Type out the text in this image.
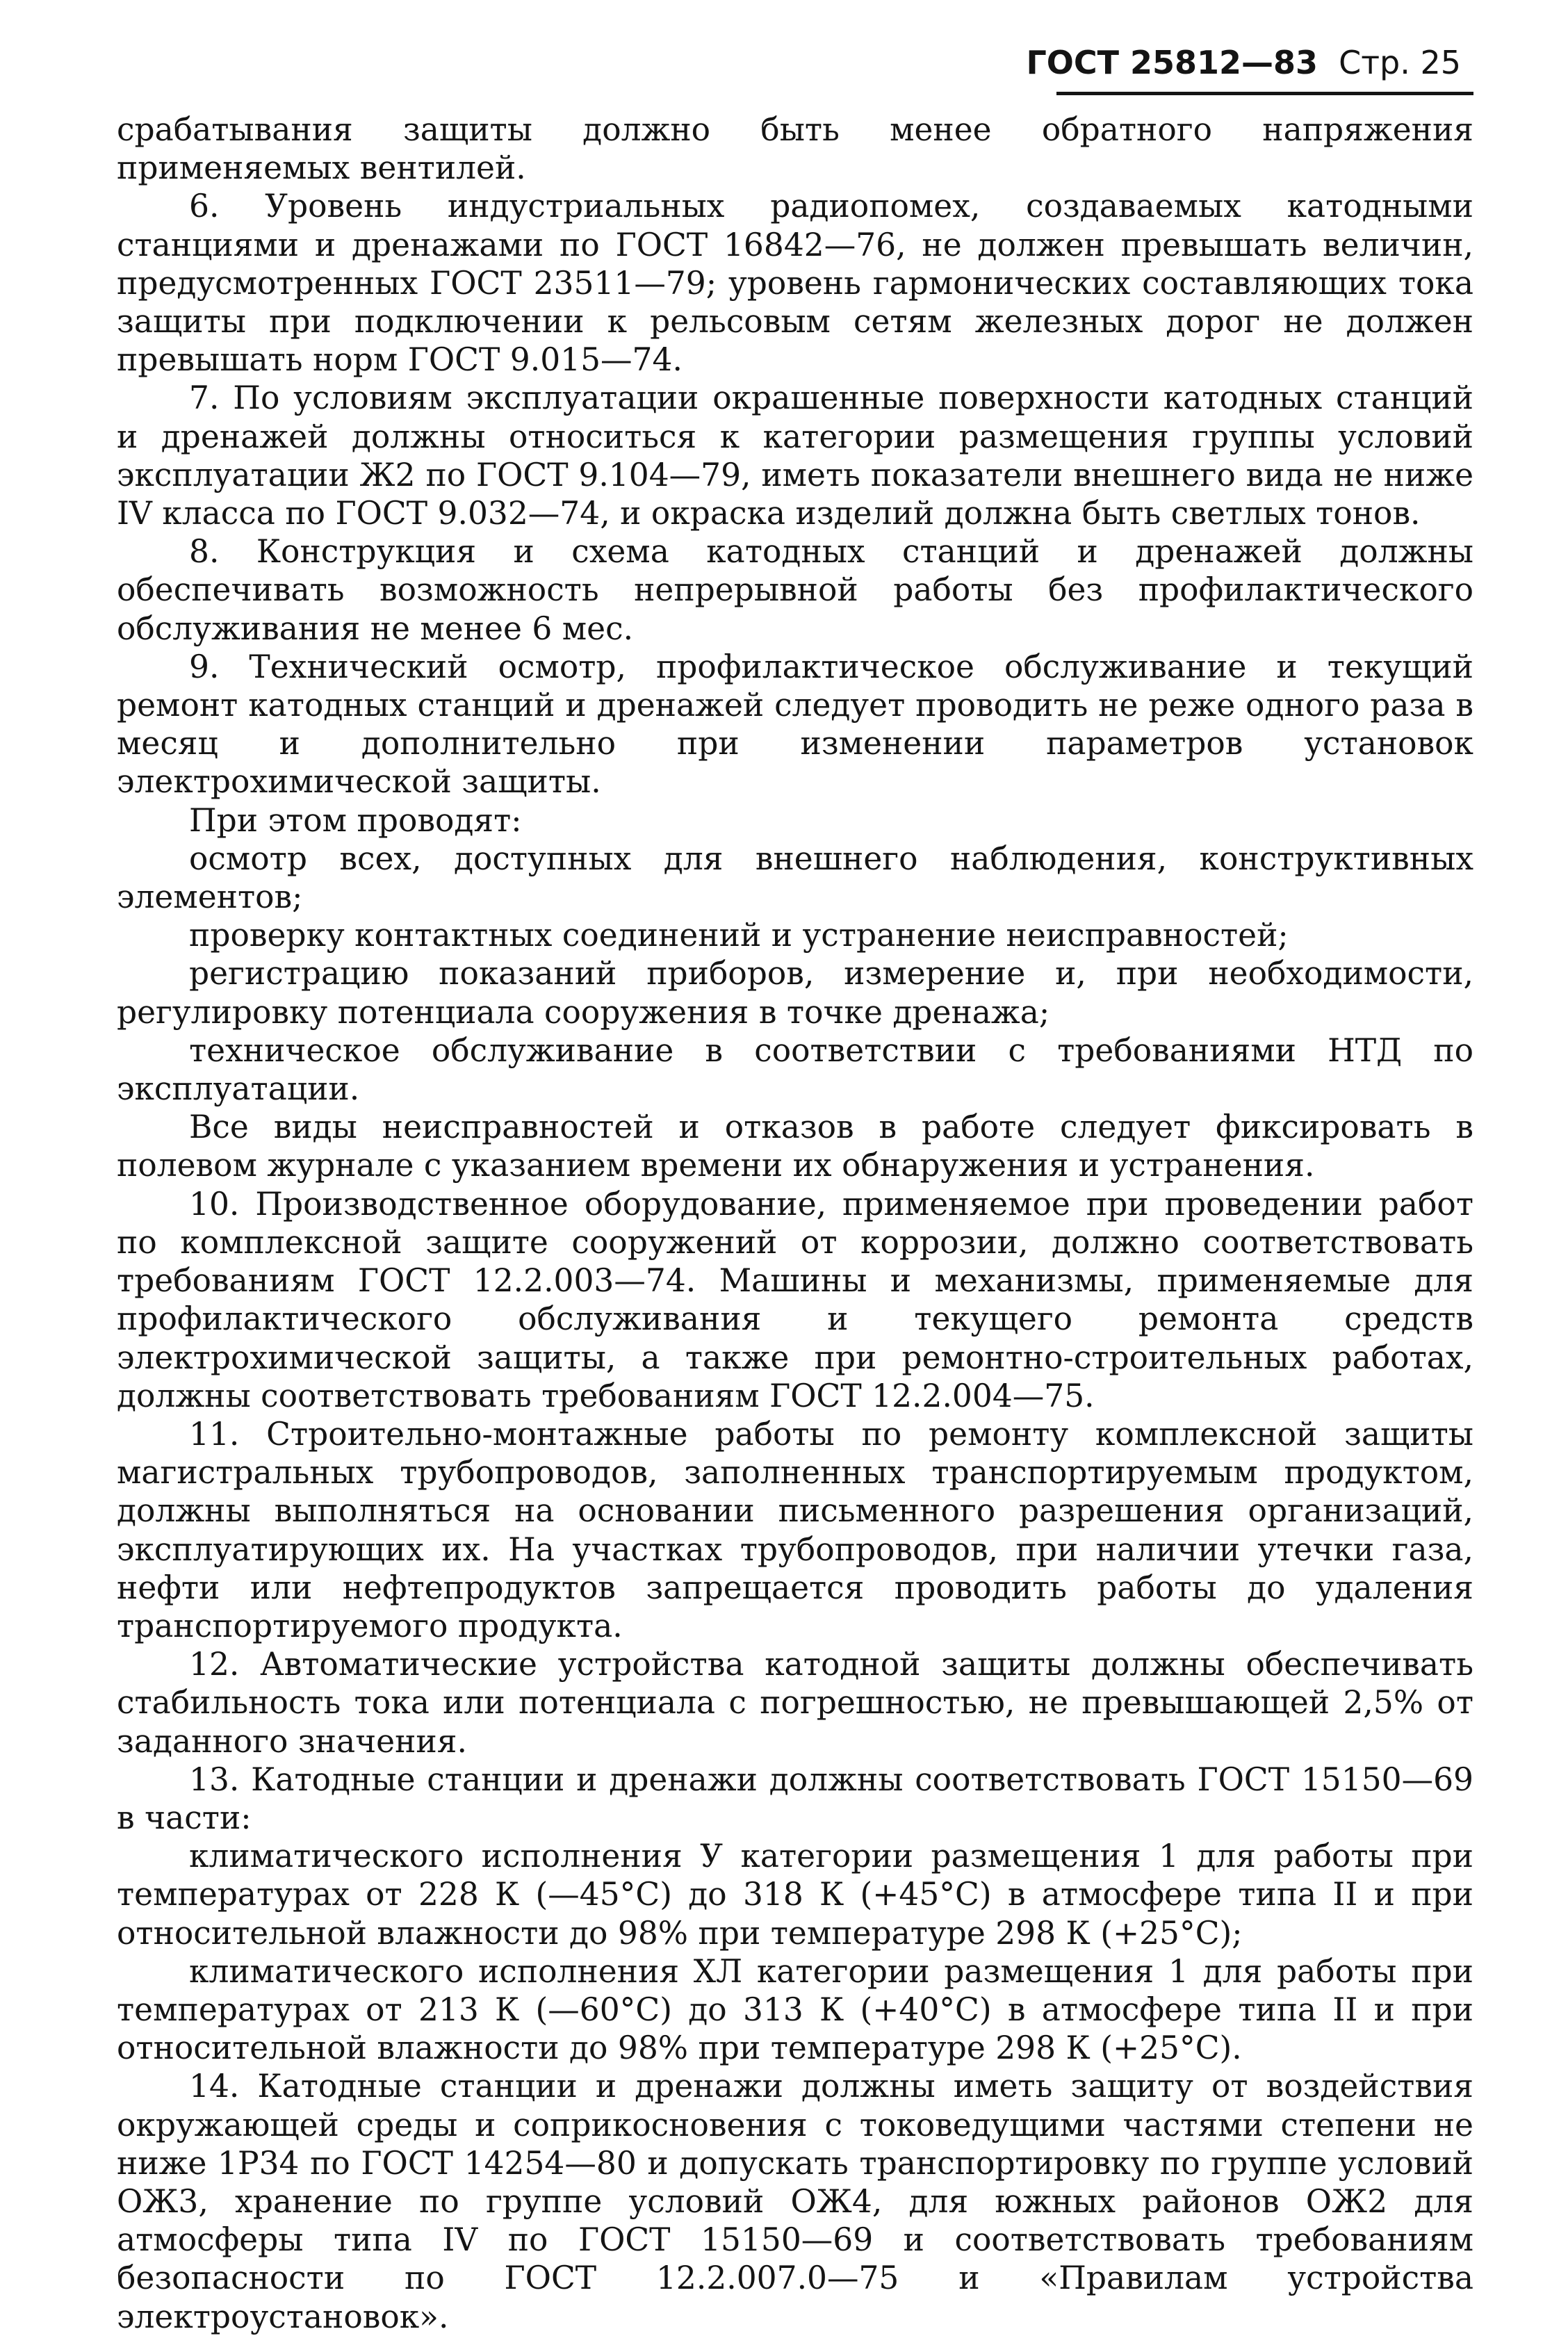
ГОСТ 25812—83 Стр. 25

срабатывания защиты должно быть менее обратного напряжения применяемых вентилей.

6. Уровень индустриальных радиопомех, создаваемых катодными станциями и дренажами по ГОСТ 16842—76, не должен превышать величин, предусмотренных ГОСТ 23511—79; уровень гармонических составляющих тока защиты при подключении к рельсовым сетям железных дорог не должен превышать норм ГОСТ 9.015—74.

7. По условиям эксплуатации окрашенные поверхности катодных станций и дренажей должны относиться к категории размещения группы условий эксплуатации Ж2 по ГОСТ 9.104—79, иметь показатели внешнего вида не ниже IV класса по ГОСТ 9.032—74, и окраска изделий должна быть светлых тонов.

8. Конструкция и схема катодных станций и дренажей должны обеспечивать возможность непрерывной работы без профилактического обслуживания не менее 6 мес.

9. Технический осмотр, профилактическое обслуживание и текущий ремонт катодных станций и дренажей следует проводить не реже одного раза в месяц и дополнительно при изменении параметров установок электрохимической защиты.

При этом проводят:

осмотр всех, доступных для внешнего наблюдения, конструктивных элементов;

проверку контактных соединений и устранение неисправностей;

регистрацию показаний приборов, измерение и, при необходимости, регулировку потенциала сооружения в точке дренажа;

техническое обслуживание в соответствии с требованиями НТД по эксплуатации.

Все виды неисправностей и отказов в работе следует фиксировать в полевом журнале с указанием времени их обнаружения и устранения.

10. Производственное оборудование, применяемое при проведении работ по комплексной защите сооружений от коррозии, должно соответствовать требованиям ГОСТ 12.2.003—74. Машины и механизмы, применяемые для профилактического обслуживания и текущего ремонта средств электрохимической защиты, а также при ремонтно-строительных работах, должны соответствовать требованиям ГОСТ 12.2.004—75.

11. Строительно-монтажные работы по ремонту комплексной защиты магистральных трубопроводов, заполненных транспортируемым продуктом, должны выполняться на основании письменного разрешения организаций, эксплуатирующих их. На участках трубопроводов, при наличии утечки газа, нефти или нефтепродуктов запрещается проводить работы до удаления транспортируемого продукта.

12. Автоматические устройства катодной защиты должны обеспечивать стабильность тока или потенциала с погрешностью, не превышающей 2,5% от заданного значения.

13. Катодные станции и дренажи должны соответствовать ГОСТ 15150—69 в части:

климатического исполнения У категории размещения 1 для работы при температурах от 228 К (—45°С) до 318 К (+45°С) в атмосфере типа II и при относительной влажности до 98% при температуре 298 К (+25°С);

климатического исполнения ХЛ категории размещения 1 для работы при температурах от 213 К (—60°С) до 313 К (+40°С) в атмосфере типа II и при относительной влажности до 98% при температуре 298 К (+25°С).

14. Катодные станции и дренажи должны иметь защиту от воздействия окружающей среды и соприкосновения с токоведущими частями степени не ниже 1Р34 по ГОСТ 14254—80 и допускать транспортировку по группе условий ОЖ3, хранение по группе условий ОЖ4, для южных районов ОЖ2 для атмосферы типа IV по ГОСТ 15150—69 и соответствовать требованиям безопасности по ГОСТ 12.2.007.0—75 и «Правилам устройства электроустановок».
